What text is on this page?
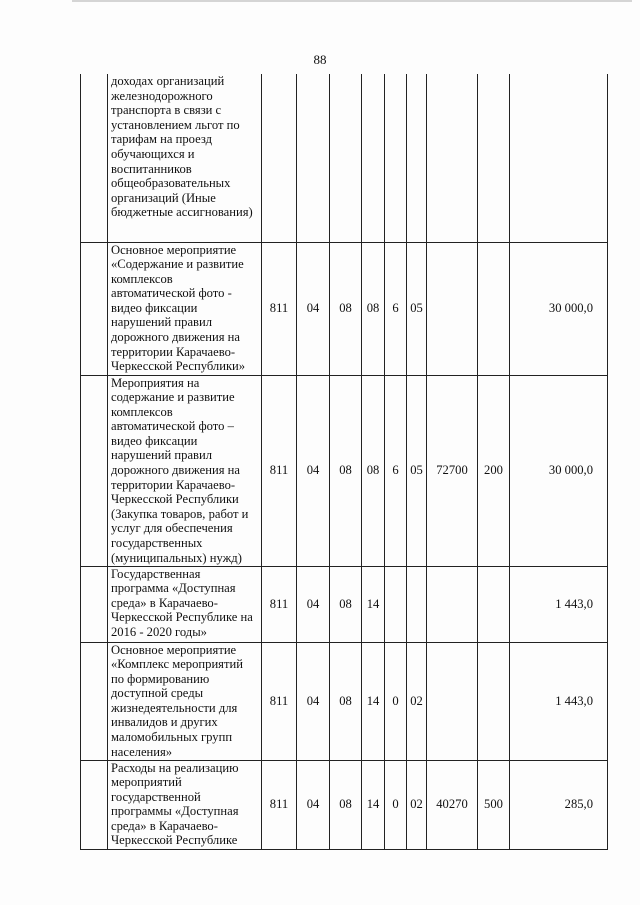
88
	доходах организаций железнодорожного транспорта в связи с установлением льгот по тарифам на проезд обучающихся и воспитанников общеобразовательных организаций (Иные бюджетные ассигнования)									
	Основное мероприятие «Содержание и развитие комплексов автоматической фото - видео фиксации нарушений правил дорожного движения на территории Карачаево-Черкесской Республики»	811	04	08	08	6	05			30 000,0
	Мероприятия на содержание и развитие комплексов автоматической фото – видео фиксации нарушений правил дорожного движения на территории Карачаево-Черкесской Республики (Закупка товаров, работ и услуг для обеспечения государственных (муниципальных) нужд)	811	04	08	08	6	05	72700	200	30 000,0
	Государственная программа «Доступная среда» в Карачаево-Черкесской Республике на 2016 - 2020 годы»	811	04	08	14					1 443,0
	Основное мероприятие «Комплекс мероприятий по формированию доступной среды жизнедеятельности для инвалидов и других маломобильных групп населения»	811	04	08	14	0	02			1 443,0
	Расходы на реализацию мероприятий государственной программы «Доступная среда» в Карачаево-Черкесской Республике	811	04	08	14	0	02	40270	500	285,0
